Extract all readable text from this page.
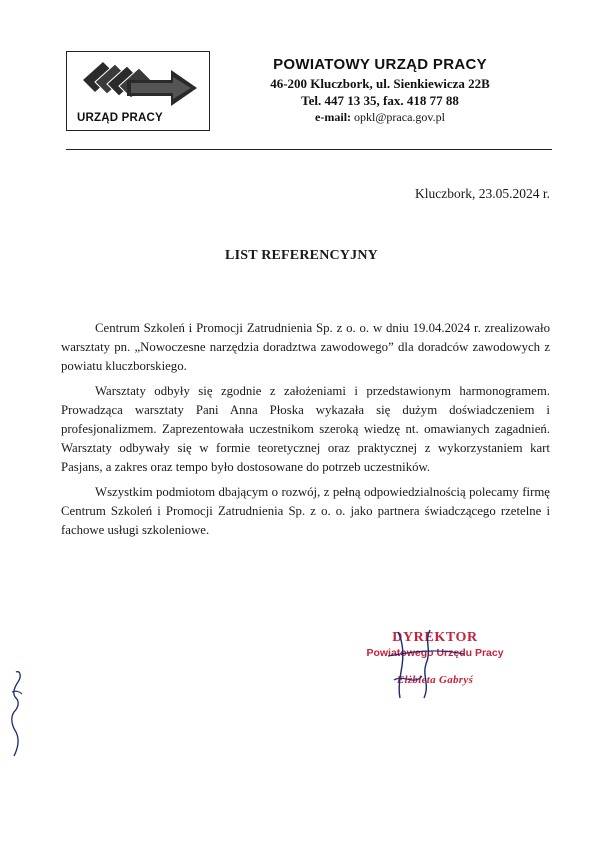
URZĄD PRACY
POWIATOWY URZĄD PRACY
46-200 Kluczbork, ul. Sienkiewicza 22B
Tel. 447 13 35, fax. 418 77 88
e-mail: opkl@praca.gov.pl
Kluczbork, 23.05.2024 r.
LIST REFERENCYJNY

Centrum Szkoleń i Promocji Zatrudnienia Sp. z o. o. w dniu 19.04.2024 r. zrealizowało warsztaty pn. „Nowoczesne narzędzia doradztwa zawodowego” dla doradców zawodowych z powiatu kluczborskiego.

Warsztaty odbyły się zgodnie z założeniami i przedstawionym harmonogramem. Prowadząca warsztaty Pani Anna Płoska wykazała się dużym doświadczeniem i profesjonalizmem. Zaprezentowała uczestnikom szeroką wiedzę nt. omawianych zagadnień. Warsztaty odbywały się w formie teoretycznej oraz praktycznej z wykorzystaniem kart Pasjans, a zakres oraz tempo było dostosowane do potrzeb uczestników.

Wszystkim podmiotom dbającym o rozwój, z pełną odpowiedzialnością polecamy firmę Centrum Szkoleń i Promocji Zatrudnienia Sp. z o. o. jako partnera świadczącego rzetelne i fachowe usługi szkoleniowe.

DYREKTOR
Powiatowego Urzędu Pracy
Elżbieta Gabryś
